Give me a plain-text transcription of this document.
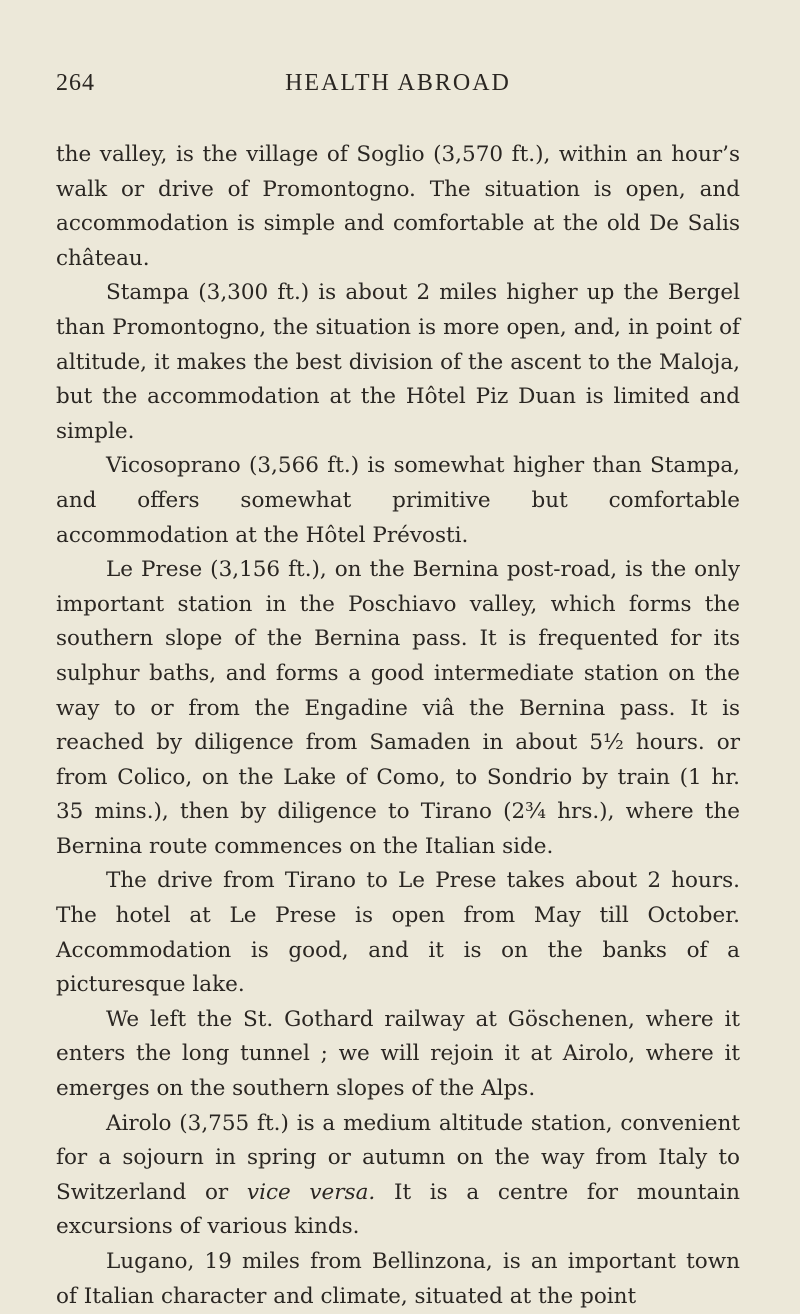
264	HEALTH ABROAD

the valley, is the village of Soglio (3,570 ft.), within an hour’s walk or drive of Promontogno. The situation is open, and accommodation is simple and comfortable at the old De Salis château.

Stampa (3,300 ft.) is about 2 miles higher up the Bergel than Promontogno, the situation is more open, and, in point of altitude, it makes the best division of the ascent to the Maloja, but the accommodation at the Hôtel Piz Duan is limited and simple.

Vicosoprano (3,566 ft.) is somewhat higher than Stampa, and offers somewhat primitive but comfortable accommodation at the Hôtel Prévosti.

Le Prese (3,156 ft.), on the Bernina post-road, is the only important station in the Poschiavo valley, which forms the southern slope of the Bernina pass. It is frequented for its sulphur baths, and forms a good intermediate station on the way to or from the Engadine viâ the Bernina pass. It is reached by diligence from Samaden in about 5½ hours. or from Colico, on the Lake of Como, to Sondrio by train (1 hr. 35 mins.), then by diligence to Tirano (2¾ hrs.), where the Bernina route commences on the Italian side.

The drive from Tirano to Le Prese takes about 2 hours. The hotel at Le Prese is open from May till October. Accommodation is good, and it is on the banks of a picturesque lake.

We left the St. Gothard railway at Göschenen, where it enters the long tunnel ; we will rejoin it at Airolo, where it emerges on the southern slopes of the Alps.

Airolo (3,755 ft.) is a medium altitude station, convenient for a sojourn in spring or autumn on the way from Italy to Switzerland or vice versa. It is a centre for mountain excursions of various kinds.

Lugano, 19 miles from Bellinzona, is an important town of Italian character and climate, situated at the point
